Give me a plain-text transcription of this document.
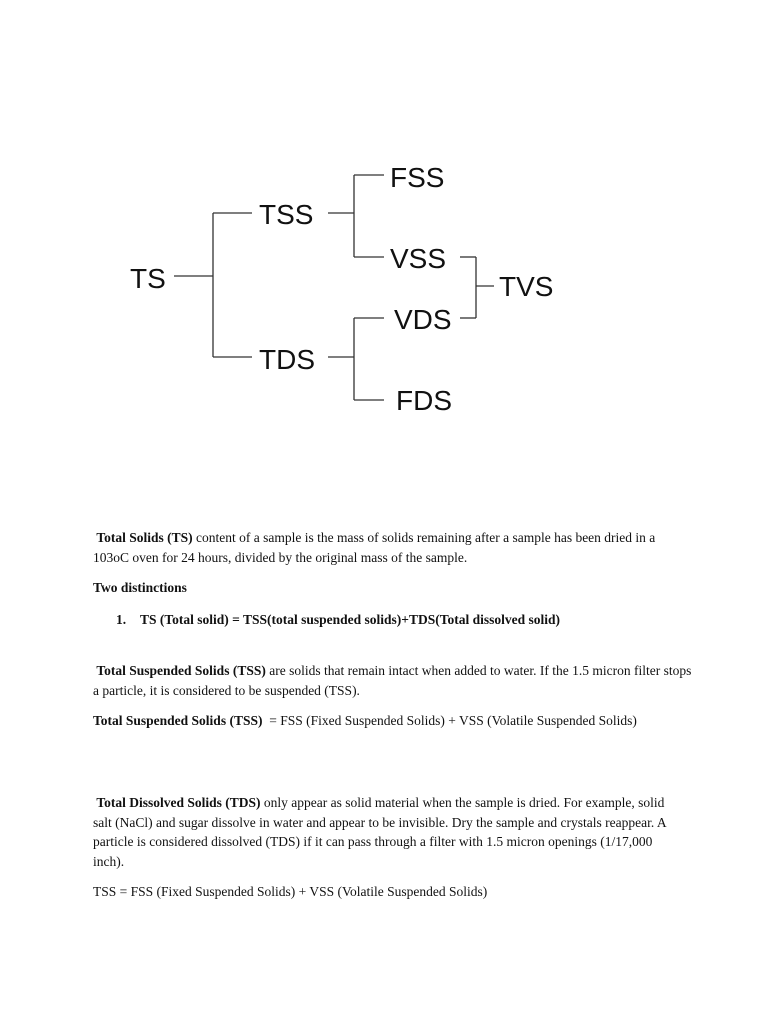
TS
TSS
TDS
FSS
VSS
VDS
FDS
TVS

Total Solids (TS) content of a sample is the mass of solids remaining after a sample has been dried in a 103oC oven for 24 hours, divided by the original mass of the sample.

Two distinctions

1. TS (Total solid) = TSS(total suspended solids)+TDS(Total dissolved solid)

Total Suspended Solids (TSS) are solids that remain intact when added to water. If the 1.5 micron filter stops a particle, it is considered to be suspended (TSS).

Total Suspended Solids (TSS)  = FSS (Fixed Suspended Solids) + VSS (Volatile Suspended Solids)

Total Dissolved Solids (TDS) only appear as solid material when the sample is dried. For example, solid salt (NaCl) and sugar dissolve in water and appear to be invisible. Dry the sample and crystals reappear. A particle is considered dissolved (TDS) if it can pass through a filter with 1.5 micron openings (1/17,000 inch).

TSS = FSS (Fixed Suspended Solids) + VSS (Volatile Suspended Solids)
